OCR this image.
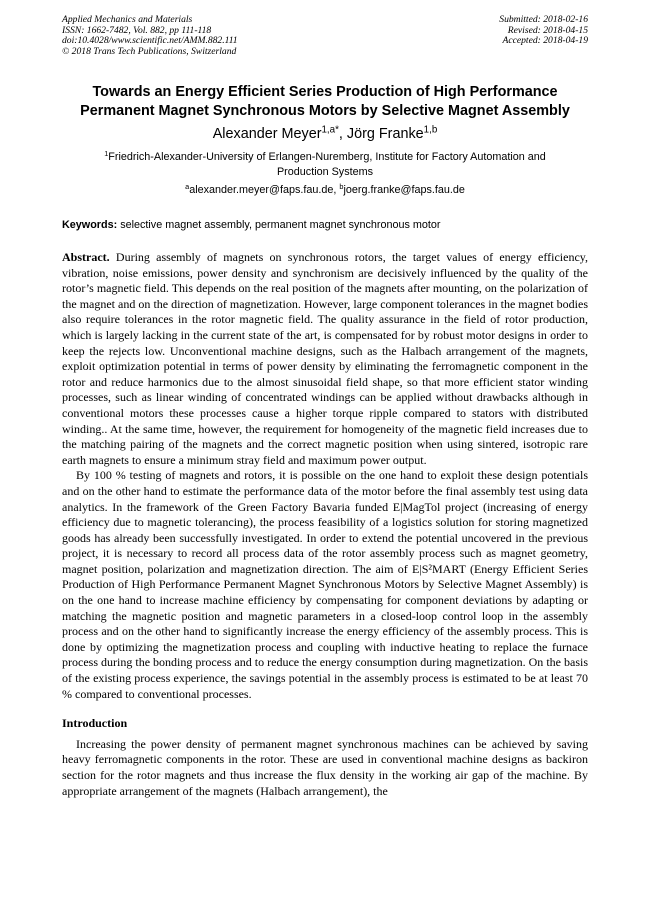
Applied Mechanics and Materials
ISSN: 1662-7482, Vol. 882, pp 111-118
doi:10.4028/www.scientific.net/AMM.882.111
© 2018 Trans Tech Publications, Switzerland
Submitted: 2018-02-16
Revised: 2018-04-15
Accepted: 2018-04-19
Towards an Energy Efficient Series Production of High Performance
Permanent Magnet Synchronous Motors by Selective Magnet Assembly
Alexander Meyer$^{1,a*}$, Jörg Franke$^{1,b}$
$^1$Friedrich-Alexander-University of Erlangen-Nuremberg, Institute for Factory Automation and
Production Systems
$^a$alexander.meyer@faps.fau.de, $^b$joerg.franke@faps.fau.de
Keywords: selective magnet assembly, permanent magnet synchronous motor

Abstract. During assembly of magnets on synchronous rotors, the target values of energy efficiency, vibration, noise emissions, power density and synchronism are decisively influenced by the quality of the rotor’s magnetic field. This depends on the real position of the magnets after mounting, on the polarization of the magnet and on the direction of magnetization. However, large component tolerances in the magnet bodies also require tolerances in the rotor magnetic field. The quality assurance in the field of rotor production, which is largely lacking in the current state of the art, is compensated for by robust motor designs in order to keep the rejects low. Unconventional machine designs, such as the Halbach arrangement of the magnets, exploit optimization potential in terms of power density by eliminating the ferromagnetic component in the rotor and reduce harmonics due to the almost sinusoidal field shape, so that more efficient stator winding processes, such as linear winding of concentrated windings can be applied without drawbacks although in conventional motors these processes cause a higher torque ripple compared to stators with distributed winding.. At the same time, however, the requirement for homogeneity of the magnetic field increases due to the matching pairing of the magnets and the correct magnetic position when using sintered, isotropic rare earth magnets to ensure a minimum stray field and maximum power output.

By 100 % testing of magnets and rotors, it is possible on the one hand to exploit these design potentials and on the other hand to estimate the performance data of the motor before the final assembly test using data analytics. In the framework of the Green Factory Bavaria funded E|MagTol project (increasing of energy efficiency due to magnetic tolerancing), the process feasibility of a logistics solution for storing magnetized goods has already been successfully investigated. In order to extend the potential uncovered in the previous project, it is necessary to record all process data of the rotor assembly process such as magnet geometry, magnet position, polarization and magnetization direction. The aim of E|S²MART (Energy Efficient Series Production of High Performance Permanent Magnet Synchronous Motors by Selective Magnet Assembly) is on the one hand to increase machine efficiency by compensating for component deviations by adapting or matching the magnetic position and magnetic parameters in a closed-loop control loop in the assembly process and on the other hand to significantly increase the energy efficiency of the assembly process. This is done by optimizing the magnetization process and coupling with inductive heating to replace the furnace process during the bonding process and to reduce the energy consumption during magnetization. On the basis of the existing process experience, the savings potential in the assembly process is estimated to be at least 70 % compared to conventional processes.

Introduction

Increasing the power density of permanent magnet synchronous machines can be achieved by saving heavy ferromagnetic components in the rotor. These are used in conventional machine designs as backiron section for the rotor magnets and thus increase the flux density in the working air gap of the machine. By appropriate arrangement of the magnets (Halbach arrangement), the
